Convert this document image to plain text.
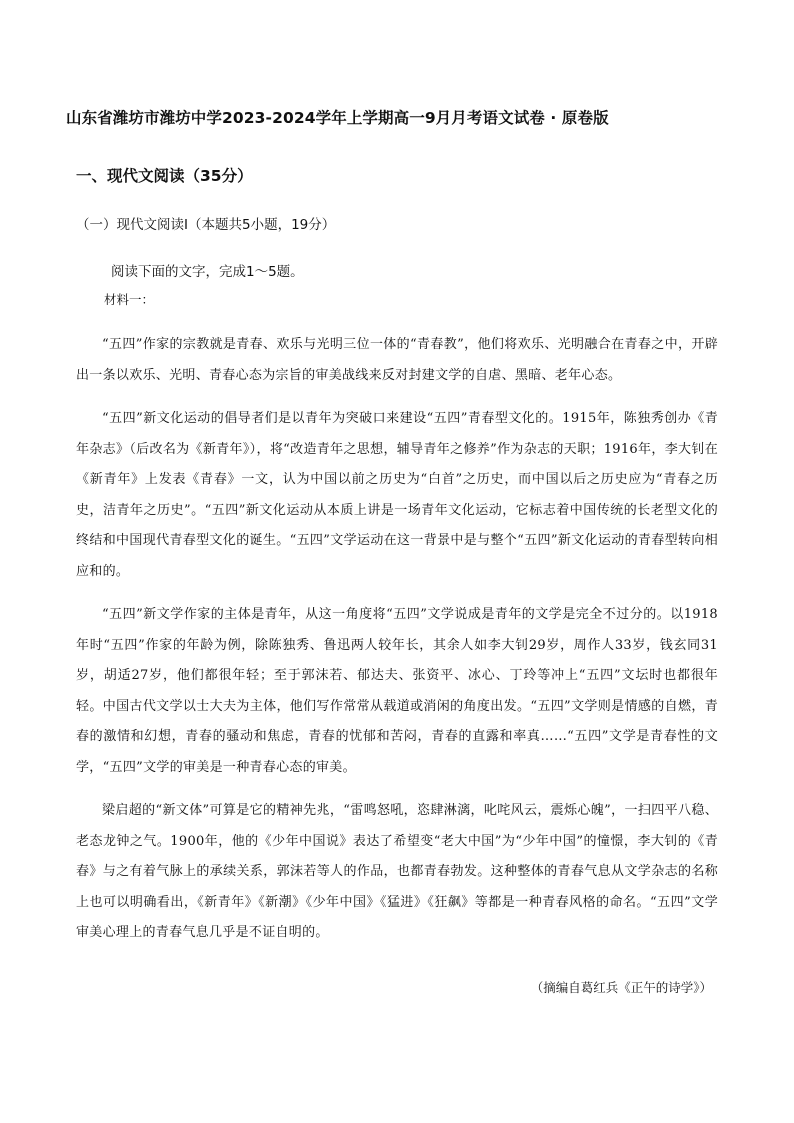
山东省潍坊市潍坊中学2023-2024学年上学期高一9月月考语文试卷 · 原卷版
一、现代文阅读（35分）
（一）现代文阅读Ⅰ（本题共5小题，19分）
阅读下面的文字，完成1～5题。
材料一：

“五四”作家的宗教就是青春、欢乐与光明三位一体的“青春教”，他们将欢乐、光明融合在青春之中，开辟出一条以欢乐、光明、青春心态为宗旨的审美战线来反对封建文学的自虐、黑暗、老年心态。

“五四”新文化运动的倡导者们是以青年为突破口来建设“五四”青春型文化的。1915年，陈独秀创办《青年杂志》（后改名为《新青年》），将“改造青年之思想，辅导青年之修养”作为杂志的天职；1916年，李大钊在《新青年》上发表《青春》一文，认为中国以前之历史为“白首”之历史，而中国以后之历史应为“青春之历史，洁青年之历史”。“五四”新文化运动从本质上讲是一场青年文化运动，它标志着中国传统的长老型文化的终结和中国现代青春型文化的诞生。“五四”文学运动在这一背景中是与整个“五四”新文化运动的青春型转向相应和的。

“五四”新文学作家的主体是青年，从这一角度将“五四”文学说成是青年的文学是完全不过分的。以1918年时“五四”作家的年龄为例，除陈独秀、鲁迅两人较年长，其余人如李大钊29岁，周作人33岁，钱玄同31岁，胡适27岁，他们都很年轻；至于郭沫若、郁达夫、张资平、冰心、丁玲等冲上“五四”文坛时也都很年轻。中国古代文学以士大夫为主体，他们写作常常从载道或消闲的角度出发。“五四”文学则是情感的自燃，青春的激情和幻想，青春的骚动和焦虑，青春的忧郁和苦闷，青春的直露和率真……“五四”文学是青春性的文学，“五四”文学的审美是一种青春心态的审美。

梁启超的“新文体”可算是它的精神先兆，“雷鸣怒吼，恣肆淋漓，叱咤风云，震烁心魄”，一扫四平八稳、老态龙钟之气。1900年，他的《少年中国说》表达了希望变“老大中国”为“少年中国”的憧憬，李大钊的《青春》与之有着气脉上的承续关系，郭沫若等人的作品，也都青春勃发。这种整体的青春气息从文学杂志的名称上也可以明确看出，《新青年》《新潮》《少年中国》《猛进》《狂飙》等都是一种青春风格的命名。“五四”文学审美心理上的青春气息几乎是不证自明的。

（摘编自葛红兵《正午的诗学》）
